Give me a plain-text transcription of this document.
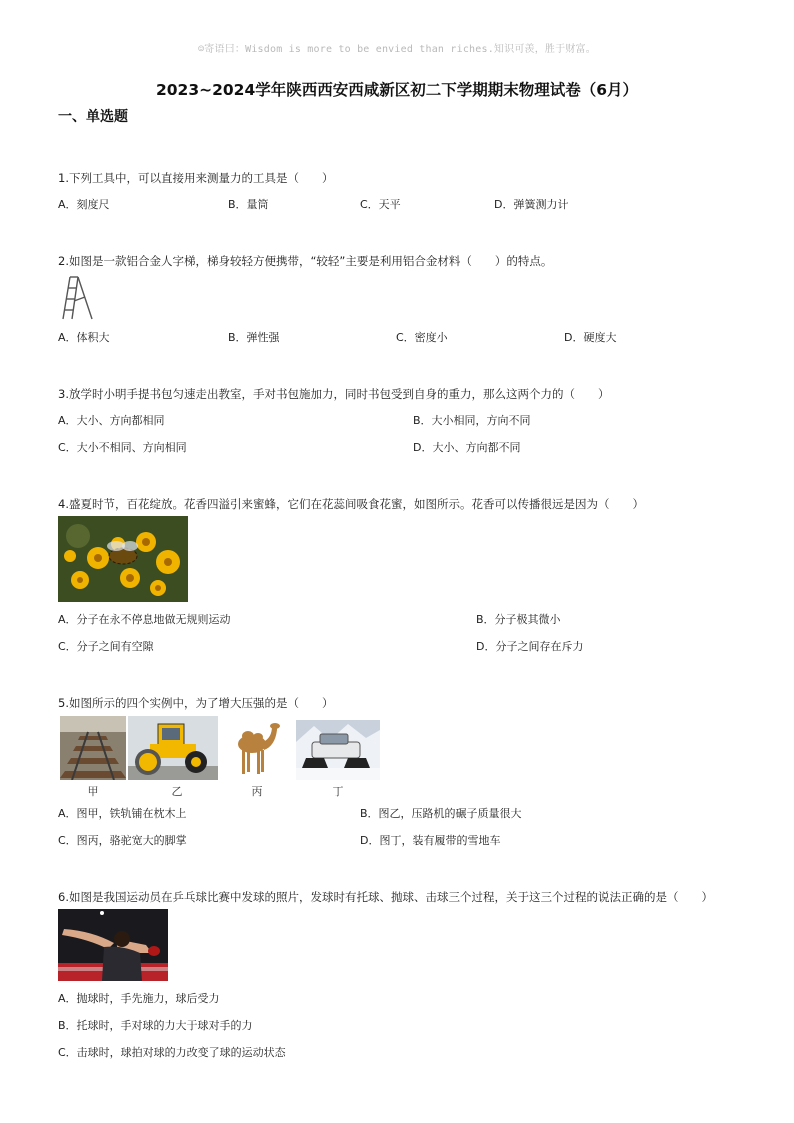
☺寄语曰：Wisdom is more to be envied than riches.知识可羡，胜于财富。
2023~2024学年陕西西安西咸新区初二下学期期末物理试卷（6月）
一、单选题
1.下列工具中，可以直接用来测量力的工具是（　　）
A．刻度尺	B．量筒	C．天平	D．弹簧测力计
2.如图是一款铝合金人字梯，梯身较轻方便携带，“较轻”主要是利用铝合金材料（　　）的特点。
A．体积大	B．弹性强	C．密度小	D．硬度大
3.放学时小明手提书包匀速走出教室，手对书包施加力，同时书包受到自身的重力，那么这两个力的（　　）
A．大小、方向都相同	B．大小相同，方向不同
C．大小不相同、方向相同	D．大小、方向都不同
4.盛夏时节，百花绽放。花香四溢引来蜜蜂，它们在花蕊间吸食花蜜，如图所示。花香可以传播很远是因为（　　）
A．分子在永不停息地做无规则运动	B．分子极其微小
C．分子之间有空隙	D．分子之间存在斥力
5.如图所示的四个实例中，为了增大压强的是（　　）
甲	乙	丙	丁
A．图甲，铁轨铺在枕木上	B．图乙，压路机的碾子质量很大
C．图丙，骆驼宽大的脚掌	D．图丁，装有履带的雪地车
6.如图是我国运动员在乒乓球比赛中发球的照片，发球时有托球、抛球、击球三个过程，关于这三个过程的说法正确的是（　　）
A．抛球时，手先施力，球后受力
B．托球时，手对球的力大于球对手的力
C．击球时，球拍对球的力改变了球的运动状态
